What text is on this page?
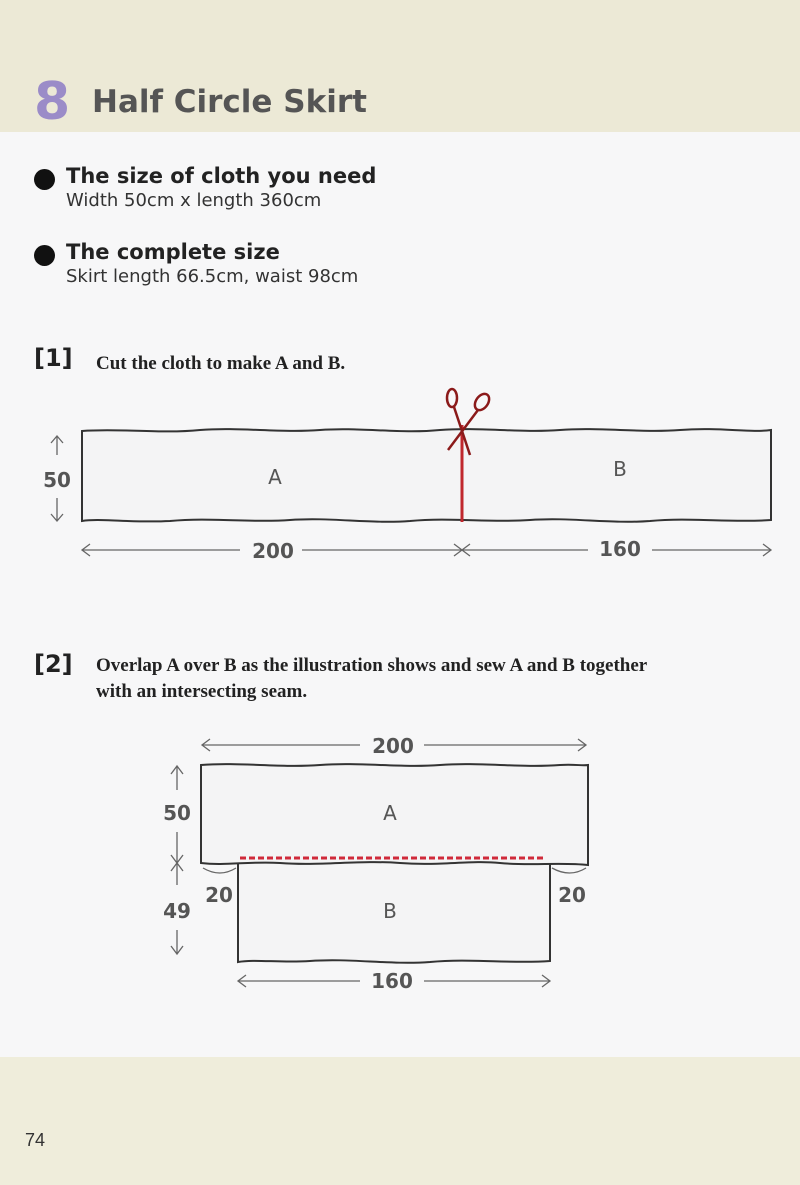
8 Half Circle Skirt
The size of cloth you need
Width 50cm x length 360cm
The complete size
Skirt length 66.5cm, waist 98cm
[1] Cut the cloth to make A and B.
50	A	B
200	160
[2] Overlap A over B as the illustration shows and sew A and B together
with an intersecting seam.
200
A
B
50
49
20	20
160
74
